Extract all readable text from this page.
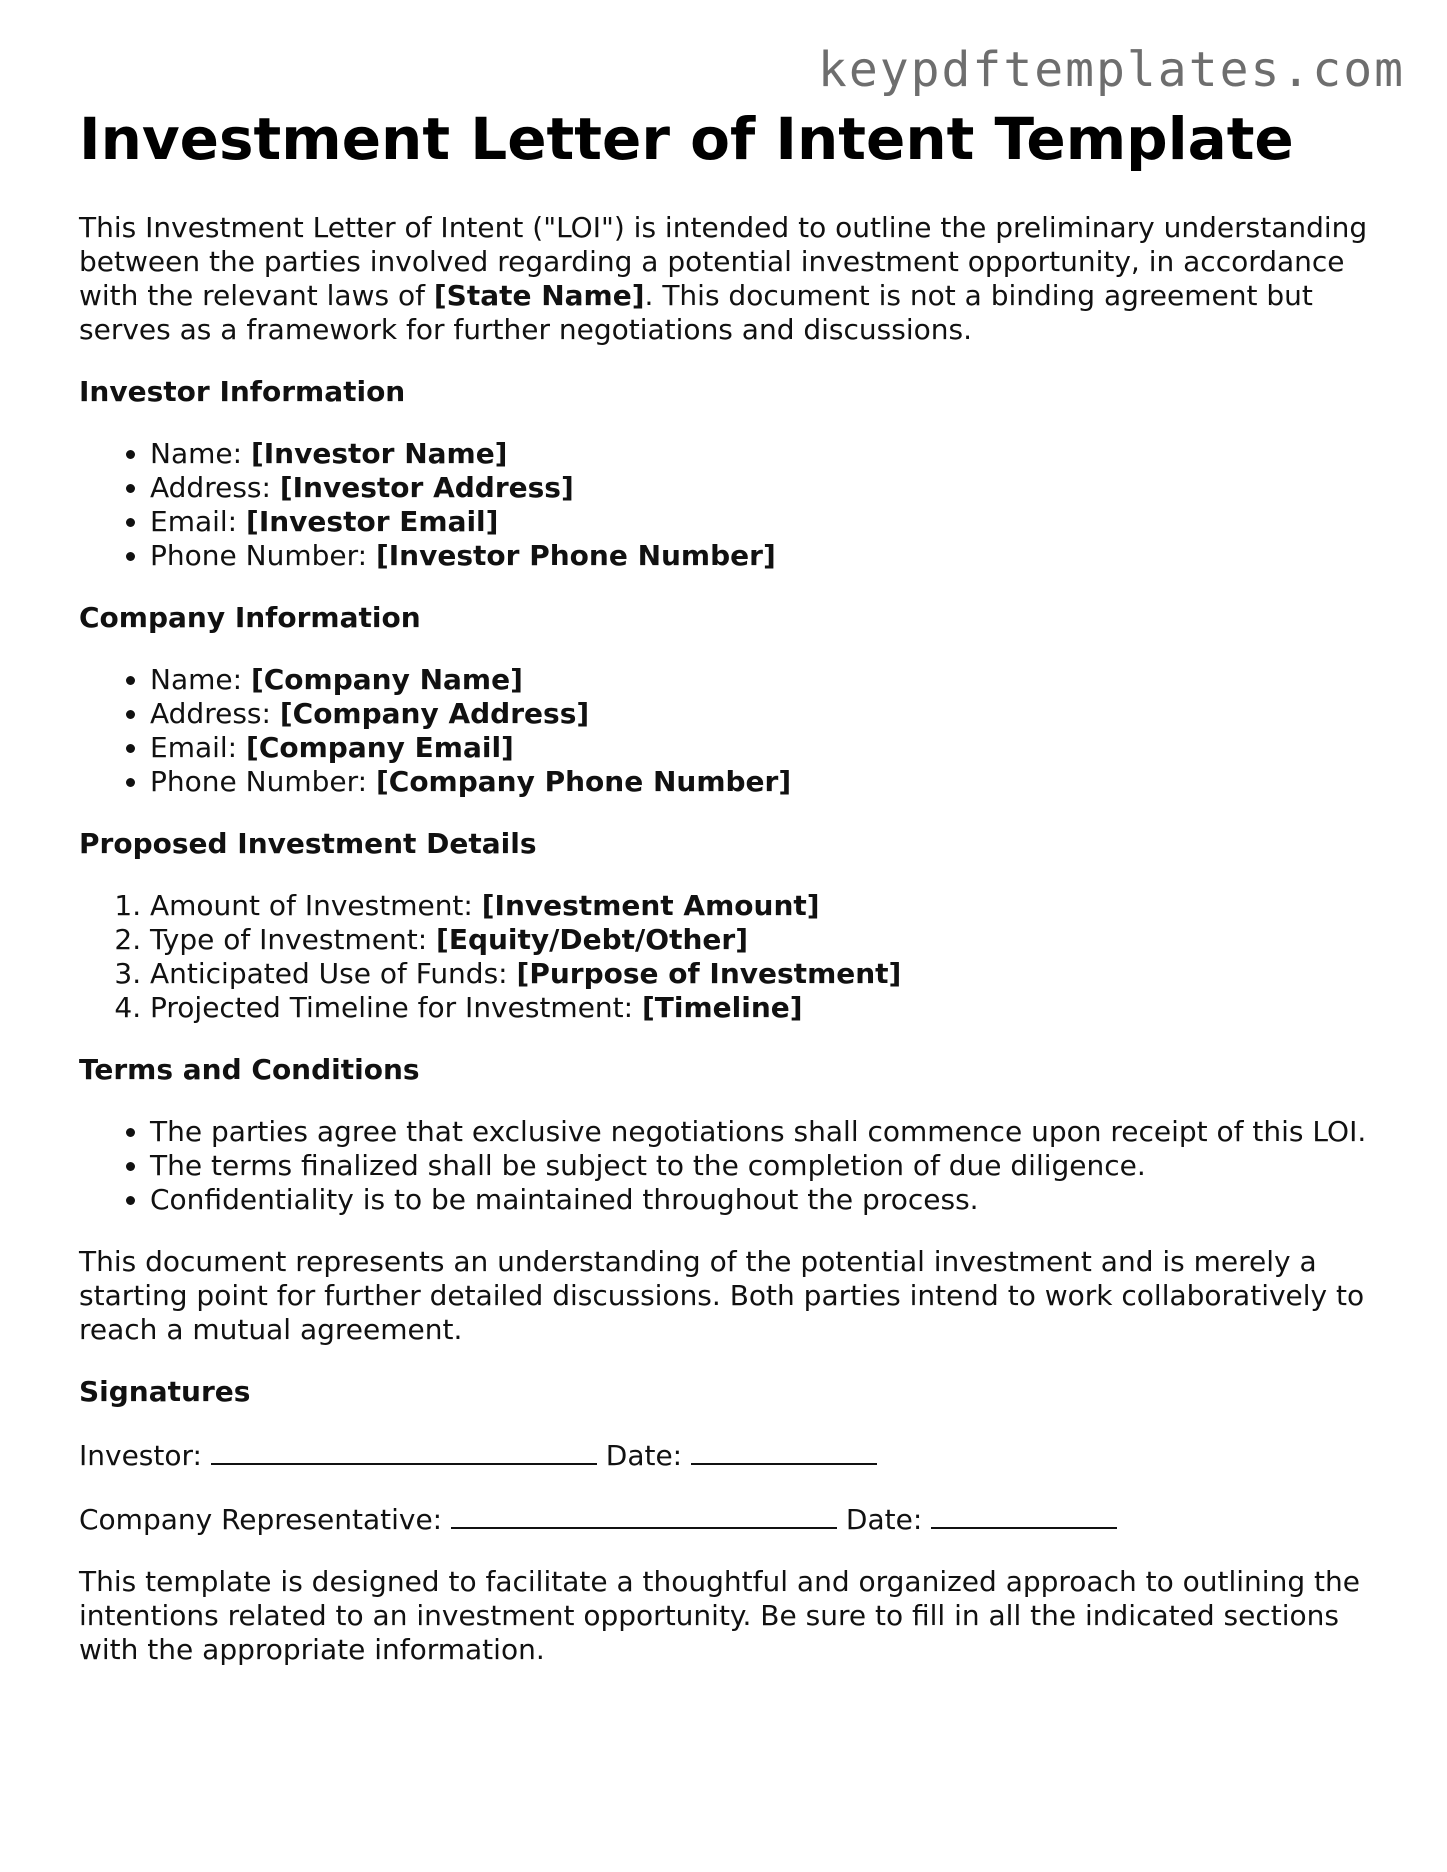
keypdftemplates.com
Investment Letter of Intent Template

This Investment Letter of Intent ("LOI") is intended to outline the preliminary understanding between the parties involved regarding a potential investment opportunity, in accordance with the relevant laws of [State Name]. This document is not a binding agreement but serves as a framework for further negotiations and discussions.

Investor Information
• Name: [Investor Name]
• Address: [Investor Address]
• Email: [Investor Email]
• Phone Number: [Investor Phone Number]
Company Information
• Name: [Company Name]
• Address: [Company Address]
• Email: [Company Email]
• Phone Number: [Company Phone Number]
Proposed Investment Details
1. Amount of Investment: [Investment Amount]
2. Type of Investment: [Equity/Debt/Other]
3. Anticipated Use of Funds: [Purpose of Investment]
4. Projected Timeline for Investment: [Timeline]
Terms and Conditions
• The parties agree that exclusive negotiations shall commence upon receipt of this LOI.
• The terms finalized shall be subject to the completion of due diligence.
• Confidentiality is to be maintained throughout the process.

This document represents an understanding of the potential investment and is merely a starting point for further detailed discussions. Both parties intend to work collaboratively to reach a mutual agreement.

Signatures

Investor:	Date:

Company Representative:	Date:

This template is designed to facilitate a thoughtful and organized approach to outlining the intentions related to an investment opportunity. Be sure to fill in all the indicated sections with the appropriate information.
